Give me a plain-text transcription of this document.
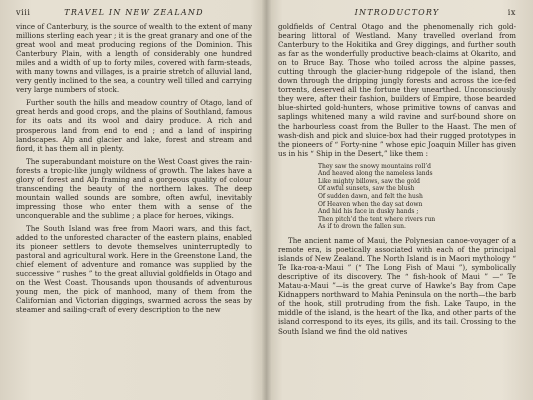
viii	TRAVEL IN NEW ZEALAND

vince of Canterbury, is the source of wealth to the extent of many millions sterling each year ; it is the great granary and one of the great wool and meat producing regions of the Dominion. This Canterbury Plain, with a length of considerably one hundred miles and a width of up to forty miles, covered with farm-steads, with many towns and villages, is a prairie stretch of alluvial land, very gently inclined to the sea, a country well tilled and carrying very large numbers of stock.

Further south the hills and meadow country of Otago, land of great herds and good crops, and the plains of Southland, famous for its oats and its wool and dairy produce. A rich and prosperous land from end to end ; and a land of inspiring landscapes. Alp and glacier and lake, forest and stream and fiord, it has them all in plenty.

The superabundant moisture on the West Coast gives the rain-forests a tropic-like jungly wildness of growth. The lakes have a glory of forest and Alp framing and a gorgeous quality of colour transcending the beauty of the northern lakes. The deep mountain walled sounds are sombre, often awful, inevitably impressing those who enter them with a sense of the unconquerable and the sublime ; a place for heroes, vikings.

The South Island was free from Maori wars, and this fact, added to the unforested character of the eastern plains, enabled its pioneer settlers to devote themselves uninterruptedly to pastoral and agricultural work. Here in the Greenstone Land, the chief element of adventure and romance was supplied by the successive “ rushes ” to the great alluvial goldfields in Otago and on the West Coast. Thousands upon thousands of adventurous young men, the pick of manhood, many of them from the Californian and Victorian diggings, swarmed across the seas by steamer and sailing-craft of every description to the new

INTRODUCTORY	ix

goldfields of Central Otago and the phenomenally rich gold-bearing littoral of Westland. Many travelled overland from Canterbury to the Hokitika and Grey diggings, and further south as far as the wonderfully productive beach-claims at Okarito, and on to Bruce Bay. Those who toiled across the alpine passes, cutting through the glacier-hung ridgepole of the island, then down through the dripping jungly forests and across the ice-fed torrents, deserved all the fortune they unearthed. Unconsciously they were, after their fashion, builders of Empire, those bearded blue-shirted gold-hunters, whose primitive towns of canvas and saplings whitened many a wild ravine and surf-bound shore on the harbourless coast from the Buller to the Haast. The men of wash-dish and pick and sluice-box had their rugged prototypes in the pioneers of “ Forty-nine ” whose epic Joaquin Miller has given us in his “ Ship in the Desert,” like them :

They saw the snowy mountains roll’d
And heaved along the nameless lands
Like mighty billows, saw the gold
Of awful sunsets, saw the blush
Of sudden dawn, and felt the hush
Of Heaven when the day sat down
And hid his face in dusky hands ;
Then pitch’d the tent where rivers run
As if to drown the fallen sun.

The ancient name of Maui, the Polynesian canoe-voyager of a remote era, is poetically associated with each of the principal islands of New Zealand. The North Island is in Maori mythology “ Te Ika-roa-a-Maui ” (“ The Long Fish of Maui ”), symbolically descriptive of its discovery. The “ fish-hook of Maui ” —“ Te Matau-a-Maui ”—is the great curve of Hawke’s Bay from Cape Kidnappers northward to Mahia Peninsula on the north—the barb of the hook, still protruding from the fish. Lake Taupo, in the middle of the island, is the heart of the Ika, and other parts of the island correspond to its eyes, its gills, and its tail. Crossing to the South Island we find the old natives
